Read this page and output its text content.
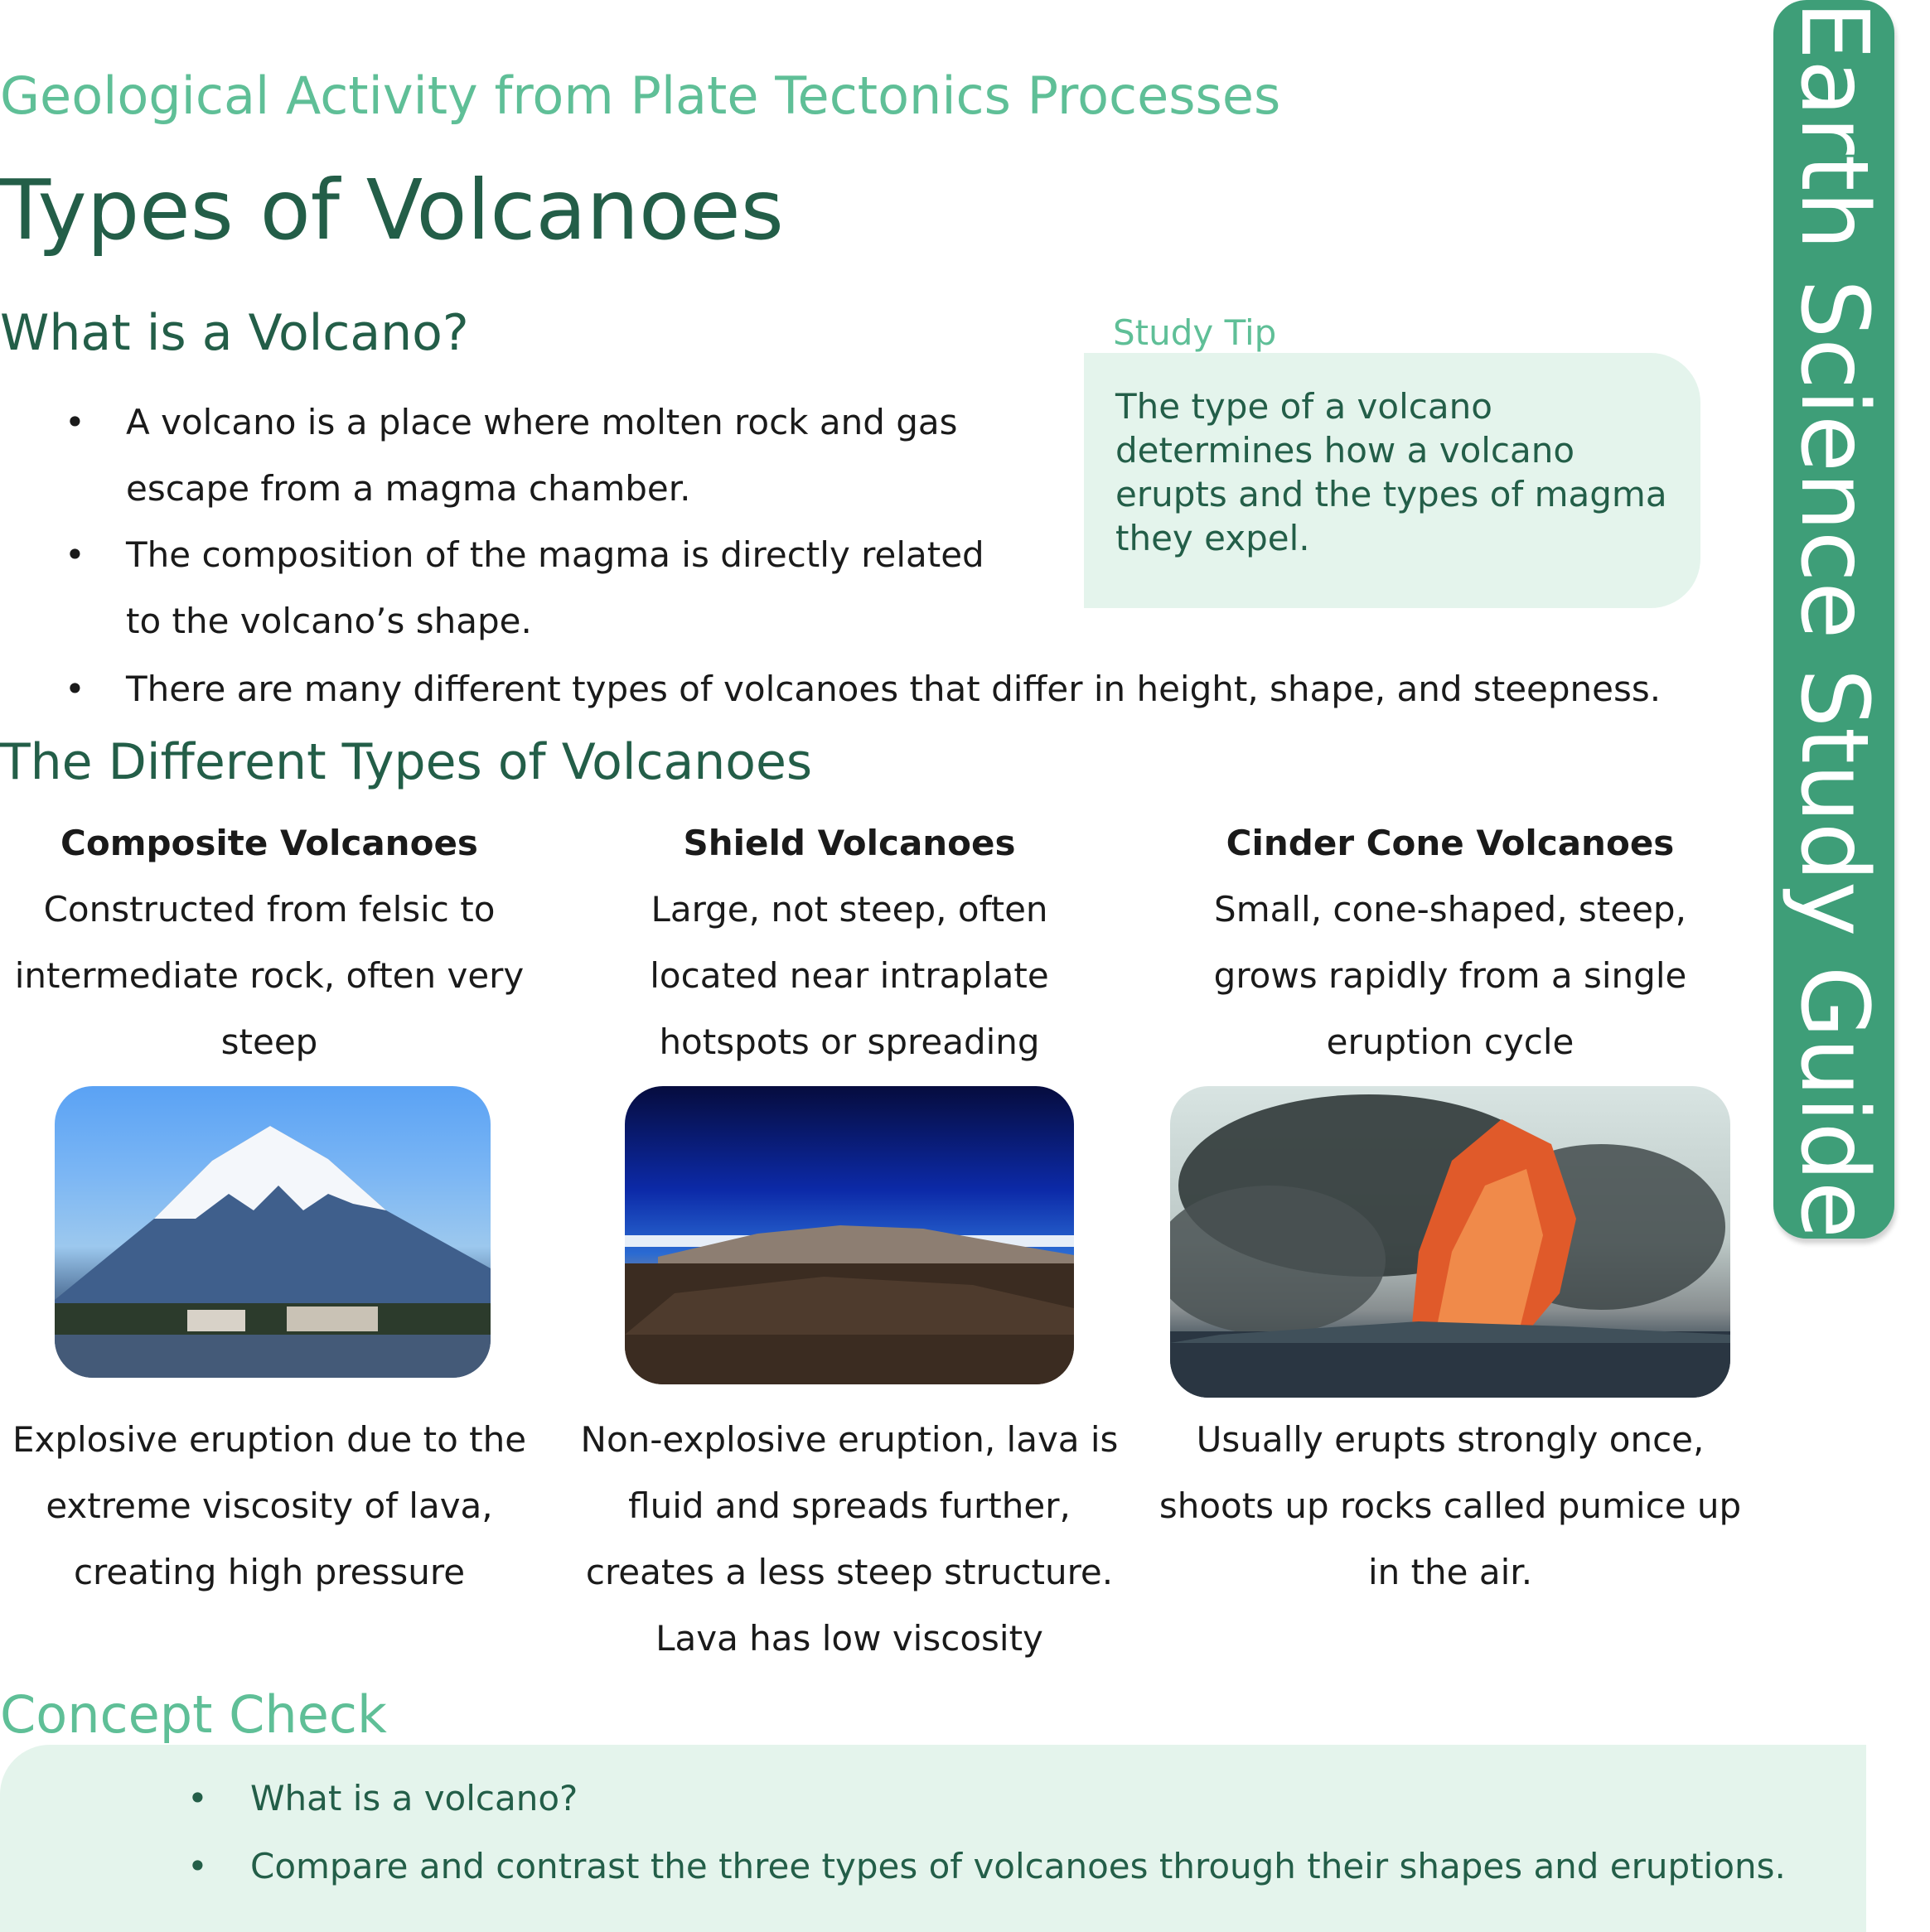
Geological Activity from Plate Tectonics Processes
Types of Volcanoes	Earth Science Study Guide
What is a Volcano?
• A volcano is a place where molten rock and gas escape from a magma chamber.
• The composition of the magma is directly related to the volcano’s shape.
• There are many different types of volcanoes that differ in height, shape, and steepness.
Study Tip
The type of a volcano determines how a volcano erupts and the types of magma they expel.
The Different Types of Volcanoes
Composite Volcanoes
Constructed from felsic to intermediate rock, often very steep
Explosive eruption due to the extreme viscosity of lava, creating high pressure
Shield Volcanoes
Large, not steep, often located near intraplate hotspots or spreading
Non-explosive eruption, lava is fluid and spreads further, creates a less steep structure. Lava has low viscosity
Cinder Cone Volcanoes
Small, cone-shaped, steep, grows rapidly from a single eruption cycle
Usually erupts strongly once, shoots up rocks called pumice up in the air.
Concept Check
• What is a volcano?
• Compare and contrast the three types of volcanoes through their shapes and eruptions.
